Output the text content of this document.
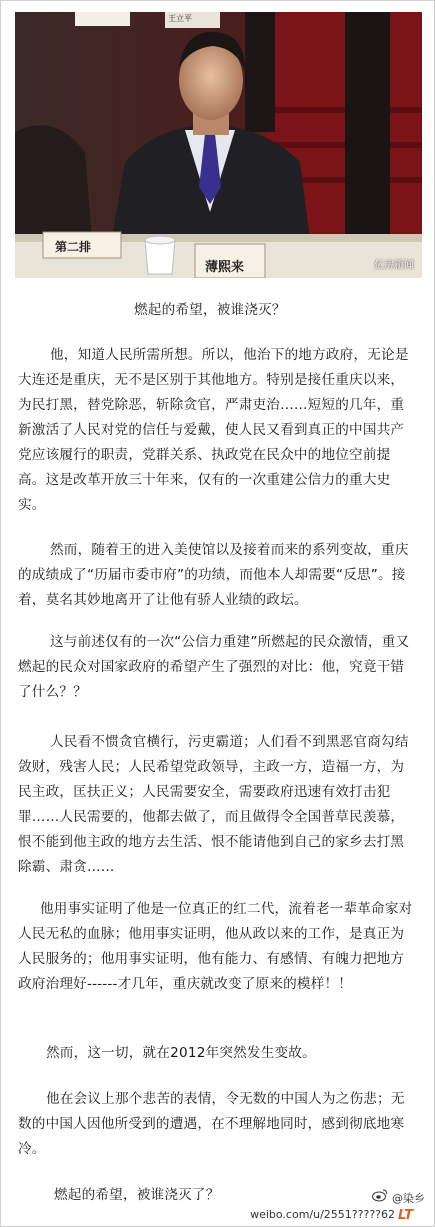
第二排
薄熙来
王立平
亿房新闻
燃起的希望，被谁浇灭？
他，知道人民所需所想。所以，他治下的地方政府，无论是大连还是重庆，无不是区别于其他地方。特别是接任重庆以来，为民打黑，替党除恶，斩除贪官，严肃吏治……短短的几年，重新激活了人民对党的信任与爱戴，使人民又看到真正的中国共产党应该履行的职责，党群关系、执政党在民众中的地位空前提高。这是改革开放三十年来，仅有的一次重建公信力的重大史实。
然而，随着王的进入美使馆以及接着而来的系列变故，重庆的成绩成了“历届市委市府”的功绩，而他本人却需要“反思”。接着，莫名其妙地离开了让他有骄人业绩的政坛。
这与前述仅有的一次“公信力重建”所燃起的民众激情，重又燃起的民众对国家政府的希望产生了强烈的对比：他，究竟干错了什么？？
人民看不惯贪官横行，污吏霸道；人们看不到黑恶官商勾结敛财，残害人民；人民希望党政领导，主政一方，造福一方，为民主政，匡扶正义；人民需要安全，需要政府迅速有效打击犯罪……人民需要的，他都去做了，而且做得令全国普草民羡慕，恨不能到他主政的地方去生活、恨不能请他到自己的家乡去打黑除霸、肃贪……
他用事实证明了他是一位真正的红二代，流着老一辈革命家对人民无私的血脉；他用事实证明，他从政以来的工作，是真正为人民服务的；他用事实证明，他有能力、有感情、有魄力把地方政府治理好------才几年，重庆就改变了原来的模样！！
然而，这一切，就在2012年突然发生变故。
他在会议上那个悲苦的表情，令无数的中国人为之伤悲；无数的中国人因他所受到的遭遇，在不理解地同时，感到彻底地寒冷。
燃起的希望，被谁浇灭了？	@染乡
weibo.com/u/2551?????62 LT
